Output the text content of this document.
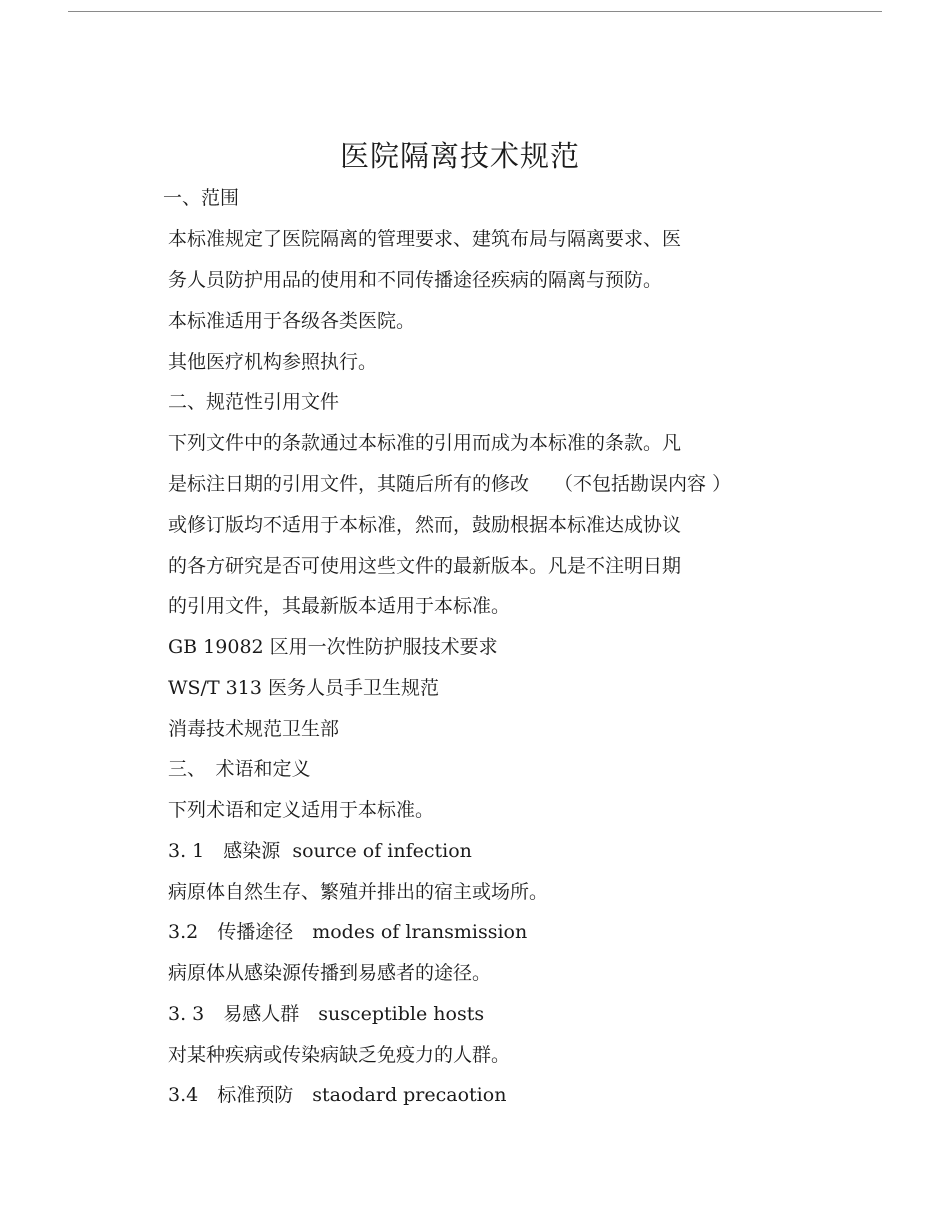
医院隔离技术规范
一、范围
本标准规定了医院隔离的管理要求、建筑布局与隔离要求、医
务人员防护用品的使用和不同传播途径疾病的隔离与预防。
本标准适用于各级各类医院。
其他医疗机构参照执行。
二、规范性引用文件
下列文件中的条款通过本标准的引用而成为本标准的条款。凡
是标注日期的引用文件，其随后所有的修改　 （不包括勘误内容 ）
或修订版均不适用于本标准，然而，鼓励根据本标准达成协议
的各方研究是否可使用这些文件的最新版本。凡是不注明日期
的引用文件，其最新版本适用于本标准。
GB 19082 区用一次性防护服技术要求
WS/T 313 医务人员手卫生规范
消毒技术规范卫生部
三、　术语和定义
下列术语和定义适用于本标准。
3. 1　感染源  source of infection
病原体自然生存、繁殖并排出的宿主或场所。
3.2　传播途径　modes of lransmission
病原体从感染源传播到易感者的途径。
3. 3　易感人群　susceptible hosts
对某种疾病或传染病缺乏免疫力的人群。
3.4　标准预防　staodard precaotion
